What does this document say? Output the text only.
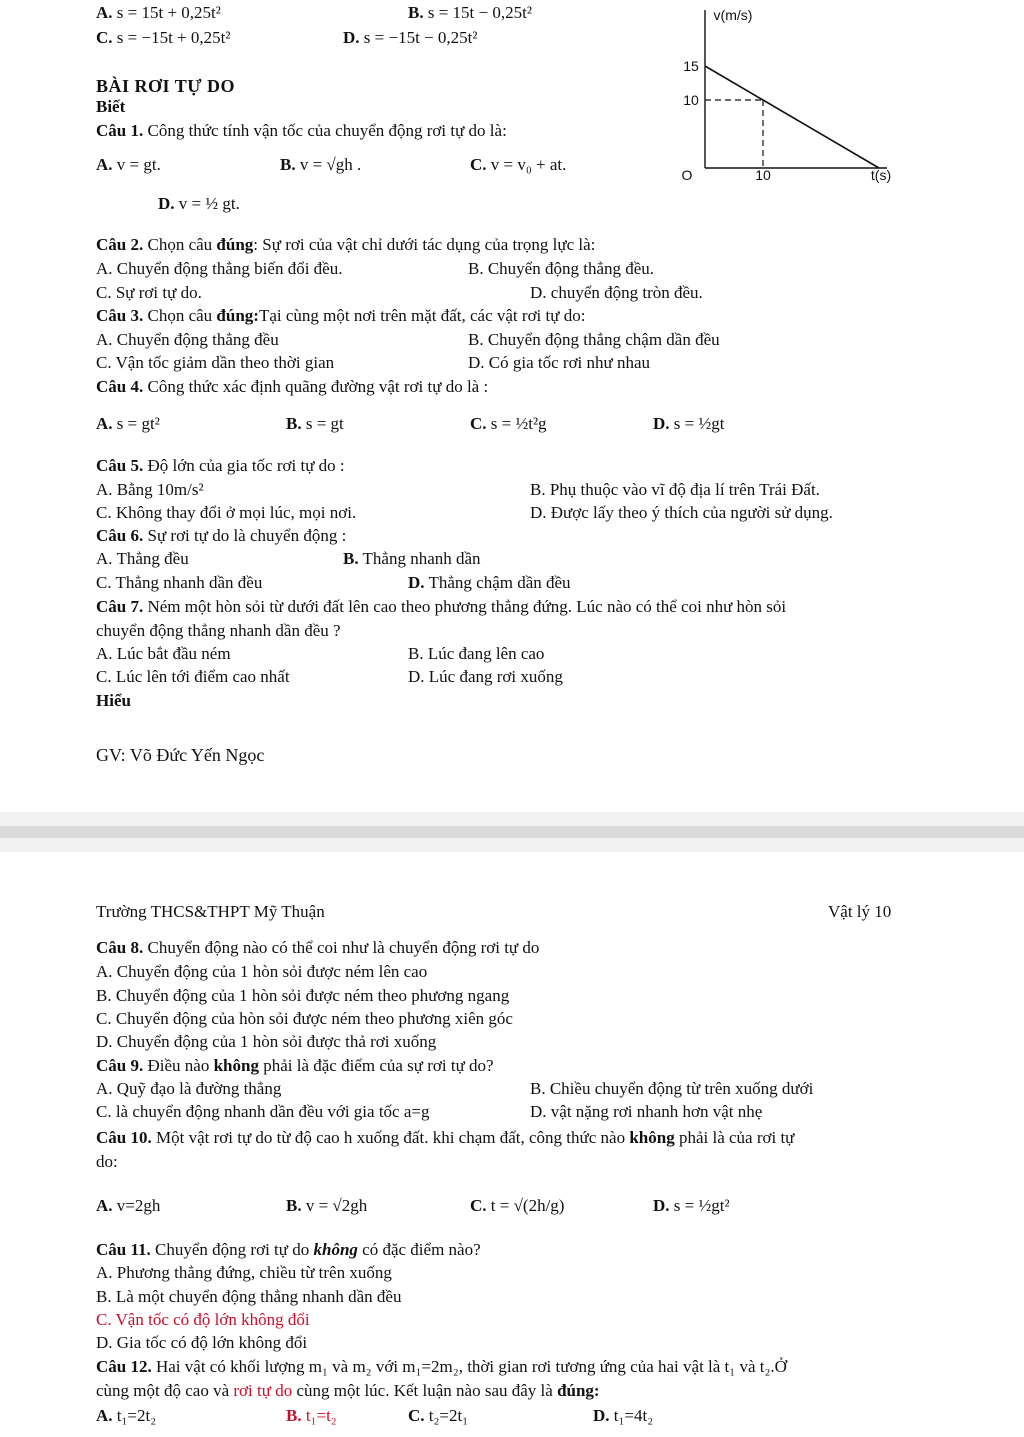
A. s = 15t + 0,25t²	B. s = 15t − 0,25t²
C. s = −15t + 0,25t²	D. s = −15t − 0,25t²
v(m/s)
15
10
O	10	t(s)
BÀI RƠI TỰ DO
Biết
Câu 1. Công thức tính vận tốc của chuyển động rơi tự do là:
A. v = gt.	B. v = √gh .	C. v = v₀ + at.
D. v = ½ gt.
Câu 2. Chọn câu đúng: Sự rơi của vật chỉ dưới tác dụng của trọng lực là:
A. Chuyển động thẳng biến đổi đều.	B. Chuyển động thẳng đều.
C. Sự rơi tự do.	D. chuyển động tròn đều.
Câu 3. Chọn câu đúng:Tại cùng một nơi trên mặt đất, các vật rơi tự do:
A. Chuyển động thẳng đều	B. Chuyển động thẳng chậm dần đều
C. Vận tốc giảm dần theo thời gian	D. Có gia tốc rơi như nhau
Câu 4. Công thức xác định quãng đường vật rơi tự do là :
A. s = gt²	B. s = gt	C. s = ½t²g	D. s = ½gt
Câu 5. Độ lớn của gia tốc rơi tự do :
A. Bằng 10m/s²	B. Phụ thuộc vào vĩ độ địa lí trên Trái Đất.
C. Không thay đổi ở mọi lúc, mọi nơi.	D. Được lấy theo ý thích của người sử dụng.
Câu 6. Sự rơi tự do là chuyển động :
A. Thẳng đều	B. Thẳng nhanh dần
C. Thẳng nhanh dần đều	D. Thẳng chậm dần đều
Câu 7. Ném một hòn sỏi từ dưới đất lên cao theo phương thẳng đứng. Lúc nào có thể coi như hòn sỏi
chuyển động thẳng nhanh dần đều ?
A. Lúc bắt đầu ném	B. Lúc đang lên cao
C. Lúc lên tới điểm cao nhất	D. Lúc đang rơi xuống
Hiểu
GV: Võ Đức Yến Ngọc
Trường THCS&THPT Mỹ Thuận	Vật lý 10
Câu 8. Chuyển động nào có thể coi như là chuyển động rơi tự do
A. Chuyển động của 1 hòn sỏi được ném lên cao
B. Chuyển động của 1 hòn sỏi được ném theo phương ngang
C. Chuyển động của hòn sỏi được ném theo phương xiên góc
D. Chuyển động của 1 hòn sỏi được thả rơi xuống
Câu 9. Điều nào không phải là đặc điểm của sự rơi tự do?
A. Quỹ đạo là đường thẳng	B. Chiều chuyển động từ trên xuống dưới
C. là chuyển động nhanh dần đều với gia tốc a=g	D. vật nặng rơi nhanh hơn vật nhẹ
Câu 10. Một vật rơi tự do từ độ cao h xuống đất. khi chạm đất, công thức nào không phải là của rơi tự
do:
A. v=2gh	B. v = √2gh	C. t = √(2h/g)	D. s = ½gt²
Câu 11. Chuyển động rơi tự do không có đặc điểm nào?
A. Phương thẳng đứng, chiều từ trên xuống
B. Là một chuyển động thẳng nhanh dần đều
C. Vận tốc có độ lớn không đổi
D. Gia tốc có độ lớn không đổi
Câu 12. Hai vật có khối lượng m₁ và m₂ với m₁=2m₂, thời gian rơi tương ứng của hai vật là t₁ và t₂.Ở
cùng một độ cao và rơi tự do cùng một lúc. Kết luận nào sau đây là đúng:
A. t₁=2t₂	B. t₁=t₂	C. t₂=2t₁	D. t₁=4t₂
